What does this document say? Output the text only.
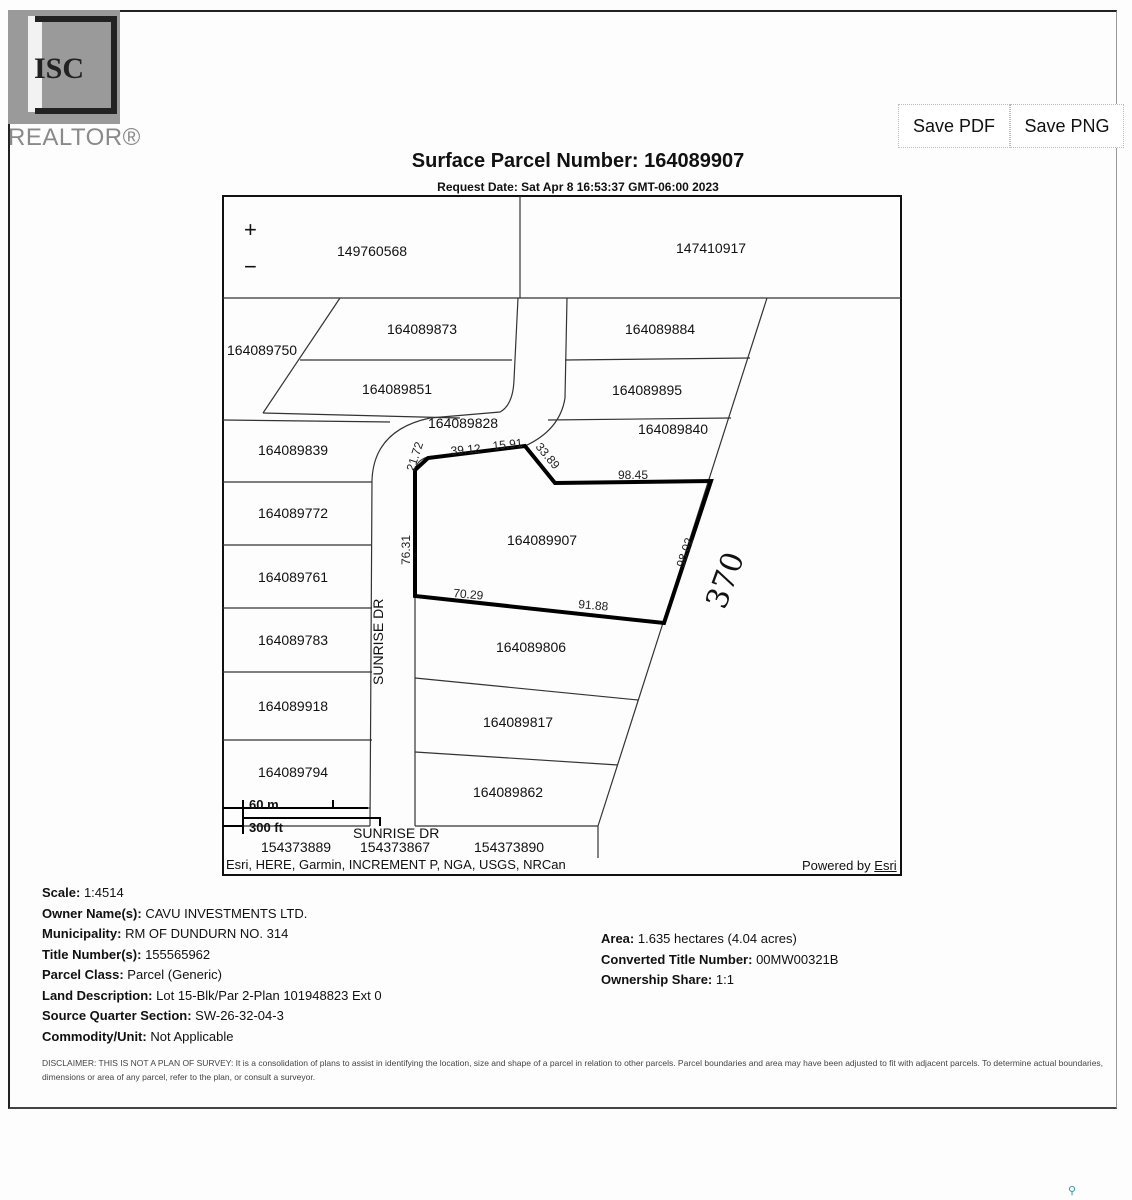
ISC
REALTOR®	Save PDF	Save PNG
Surface Parcel Number: 164089907
Request Date: Sat Apr 8 16:53:37 GMT-06:00 2023
149760568	147410917
164089873	164089884
164089750
164089851	164089895
164089828	164089840
164089839
164089772
164089907
164089761
164089783	164089806
164089918
164089817
164089794
164089862
154373889 154373867	154373890
SUNRISE DR
SUNRISE DR
21.72 39.12 15.91 33.89
98.45
76.31	98.02
70.29
91.88
+
−
60 m
300 ft
370
Esri, HERE, Garmin, INCREMENT P, NGA, USGS, NRCan	Powered by Esri
Scale: 1:4514
Owner Name(s): CAVU INVESTMENTS LTD.
Municipality: RM OF DUNDURN NO. 314
Title Number(s): 155565962
Parcel Class: Parcel (Generic)
Land Description: Lot 15-Blk/Par 2-Plan 101948823 Ext 0
Source Quarter Section: SW-26-32-04-3
Commodity/Unit: Not Applicable
Area: 1.635 hectares (4.04 acres)
Converted Title Number: 00MW00321B
Ownership Share: 1:1
DISCLAIMER: THIS IS NOT A PLAN OF SURVEY: It is a consolidation of plans to assist in identifying the location, size and shape of a parcel in relation to other parcels. Parcel boundaries and area may have been adjusted to fit with adjacent parcels. To determine actual boundaries, dimensions or area of any parcel, refer to the plan, or consult a surveyor.
⚲
